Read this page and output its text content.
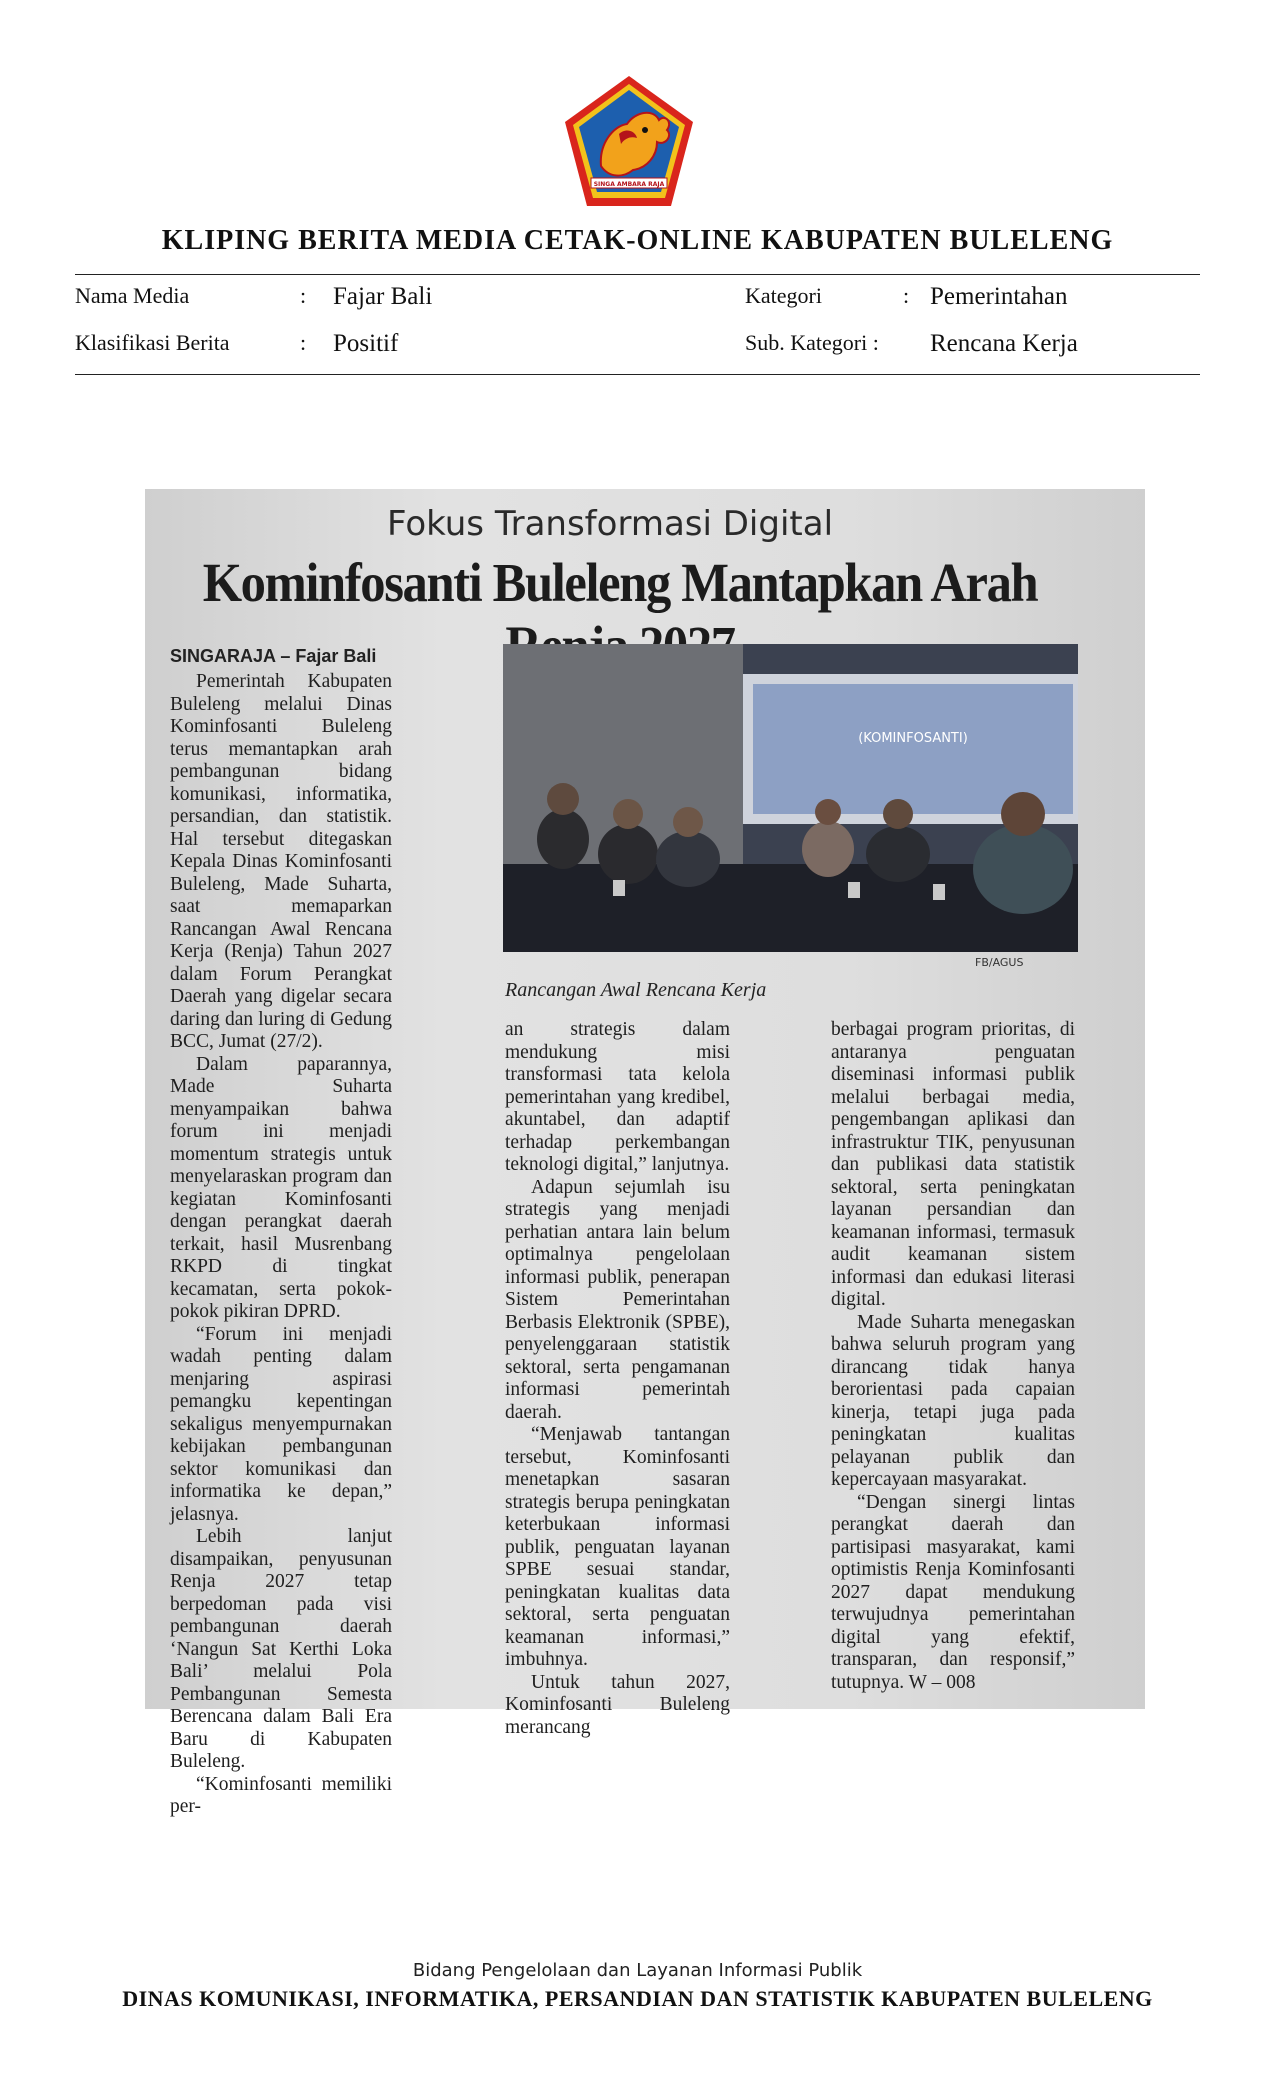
SINGA AMBARA RAJA
KLIPING BERITA MEDIA CETAK-ONLINE KABUPATEN BULELENG
Nama Media	: Fajar Bali	Kategori	: Pemerintahan
Klasifikasi Berita	: Positif	Sub. Kategori : Rencana Kerja
Fokus Transformasi Digital
Kominfosanti Buleleng Mantapkan Arah
SINGARAJA – Fajar Bali

Pemerintah Kabupaten Buleleng melalui Dinas Kominfosanti Buleleng terus memantapkan arah pembangunan bidang komunikasi, informatika, persandian, dan statistik. Hal tersebut ditegaskan Kepala Dinas Kominfosanti Buleleng, Made Suharta, saat memaparkan Rancangan Awal Rencana Kerja (Renja) Tahun 2027 dalam Forum Perangkat Daerah yang digelar secara daring dan luring di Gedung BCC, Jumat (27/2).

Dalam paparannya, Made Suharta menyampaikan bahwa forum ini menjadi momentum strategis untuk menyelaraskan program dan kegiatan Kominfosanti dengan perangkat daerah terkait, hasil Musrenbang RKPD di tingkat kecamatan, serta pokok-pokok pikiran DPRD.

“Forum ini menjadi wadah penting dalam menjaring aspirasi pemangku kepentingan sekaligus menyempurnakan kebijakan pembangunan sektor komunikasi dan informatika ke depan,” jelasnya.

Lebih lanjut disampaikan, penyusunan Renja 2027 tetap berpedoman pada visi pembangunan daerah ‘Nangun Sat Kerthi Loka Bali’ melalui Pola Pembangunan Semesta Berencana dalam Bali Era Baru di Kabupaten Buleleng.

“Kominfosanti memiliki per-

(KOMINFOSANTI)
FB/AGUS
Rancangan Awal Rencana Kerja

an strategis dalam mendukung misi transformasi tata kelola pemerintahan yang kredibel, akuntabel, dan adaptif terhadap perkembangan teknologi digital,” lanjutnya.

Adapun sejumlah isu strategis yang menjadi perhatian antara lain belum optimalnya pengelolaan informasi publik, penerapan Sistem Pemerintahan Berbasis Elektronik (SPBE), penyelenggaraan statistik sektoral, serta pengamanan informasi pemerintah daerah.

“Menjawab tantangan tersebut, Kominfosanti menetapkan sasaran strategis berupa peningkatan keterbukaan informasi publik, penguatan layanan SPBE sesuai standar, peningkatan kualitas data sektoral, serta penguatan keamanan informasi,” imbuhnya.

Untuk tahun 2027, Kominfosanti Buleleng merancang

berbagai program prioritas, di antaranya penguatan diseminasi informasi publik melalui berbagai media, pengembangan aplikasi dan infrastruktur TIK, penyusunan dan publikasi data statistik sektoral, serta peningkatan layanan persandian dan keamanan informasi, termasuk audit keamanan sistem informasi dan edukasi literasi digital.

Made Suharta menegaskan bahwa seluruh program yang dirancang tidak hanya berorientasi pada capaian kinerja, tetapi juga pada peningkatan kualitas pelayanan publik dan kepercayaan masyarakat.

“Dengan sinergi lintas perangkat daerah dan partisipasi masyarakat, kami optimistis Renja Kominfosanti 2027 dapat mendukung terwujudnya pemerintahan digital yang efektif, transparan, dan responsif,” tutupnya. W – 008

Bidang Pengelolaan dan Layanan Informasi Publik
DINAS KOMUNIKASI, INFORMATIKA, PERSANDIAN DAN STATISTIK KABUPATEN BULELENG
